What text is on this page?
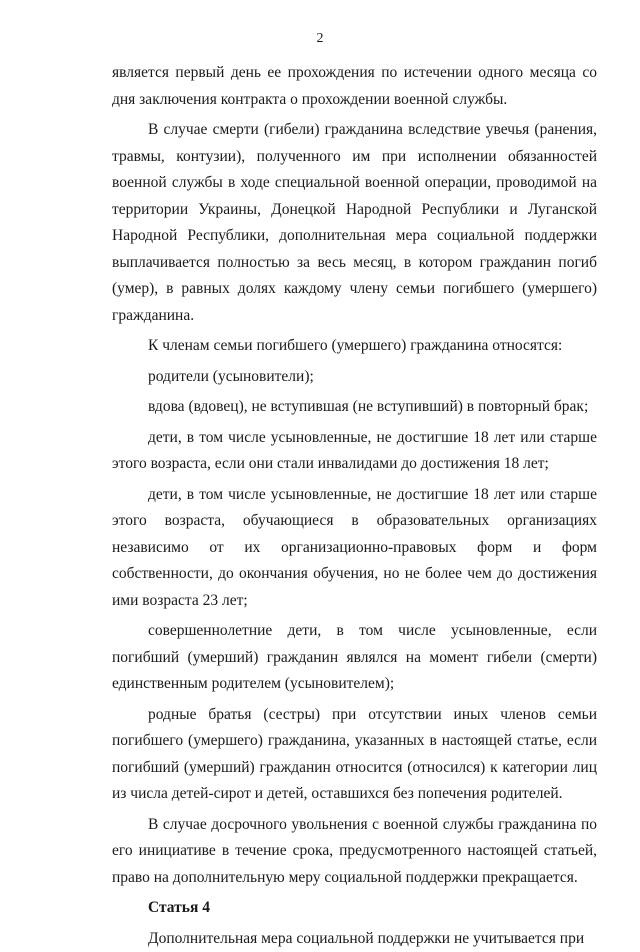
2

является первый день ее прохождения по истечении одного месяца со дня заключения контракта о прохождении военной службы.

В случае смерти (гибели) гражданина вследствие увечья (ранения, травмы, контузии), полученного им при исполнении обязанностей военной службы в ходе специальной военной операции, проводимой на территории Украины, Донецкой Народной Республики и Луганской Народной Республики, дополнительная мера социальной поддержки выплачивается полностью за весь месяц, в котором гражданин погиб (умер), в равных долях каждому члену семьи погибшего (умершего) гражданина.

К членам семьи погибшего (умершего) гражданина относятся:

родители (усыновители);

вдова (вдовец), не вступившая (не вступивший) в повторный брак;

дети, в том числе усыновленные, не достигшие 18 лет или старше этого возраста, если они стали инвалидами до достижения 18 лет;

дети, в том числе усыновленные, не достигшие 18 лет или старше этого возраста, обучающиеся в образовательных организациях независимо от их организационно-правовых форм и форм собственности, до окончания обучения, но не более чем до достижения ими возраста 23 лет;

совершеннолетние дети, в том числе усыновленные, если погибший (умерший) гражданин являлся на момент гибели (смерти) единственным родителем (усыновителем);

родные братья (сестры) при отсутствии иных членов семьи погибшего (умершего) гражданина, указанных в настоящей статье, если погибший (умерший) гражданин относится (относился) к категории лиц из числа детей-сирот и детей, оставшихся без попечения родителей.

В случае досрочного увольнения с военной службы гражданина по его инициативе в течение срока, предусмотренного настоящей статьей, право на дополнительную меру социальной поддержки прекращается.

Статья 4

Дополнительная мера социальной поддержки не учитывается при
